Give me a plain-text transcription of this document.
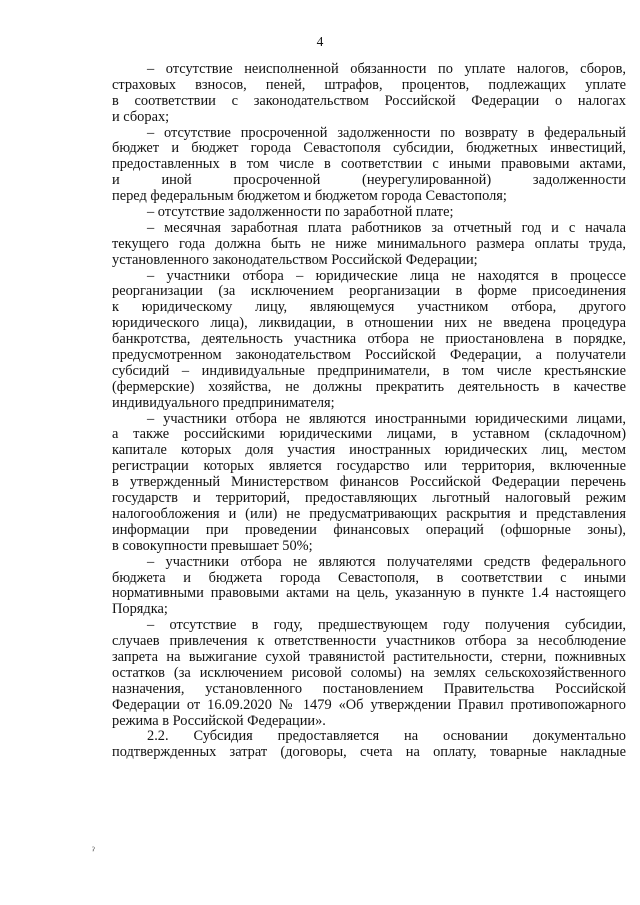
4
– отсутствие неисполненной обязанности по уплате налогов, сборов,
страховых взносов, пеней, штрафов, процентов, подлежащих уплате
в соответствии с законодательством Российской Федерации о налогах
и сборах;
– отсутствие просроченной задолженности по возврату в федеральный
бюджет и бюджет города Севастополя субсидии, бюджетных инвестиций,
предоставленных в том числе в соответствии с иными правовыми актами,
и иной просроченной (неурегулированной) задолженности
перед федеральным бюджетом и бюджетом города Севастополя;
– отсутствие задолженности по заработной плате;
– месячная заработная плата работников за отчетный год и с начала
текущего года должна быть не ниже минимального размера оплаты труда,
установленного законодательством Российской Федерации;
– участники отбора – юридические лица не находятся в процессе
реорганизации (за исключением реорганизации в форме присоединения
к юридическому лицу, являющемуся участником отбора, другого
юридического лица), ликвидации, в отношении них не введена процедура
банкротства, деятельность участника отбора не приостановлена в порядке,
предусмотренном законодательством Российской Федерации, а получатели
субсидий – индивидуальные предприниматели, в том числе крестьянские
(фермерские) хозяйства, не должны прекратить деятельность в качестве
индивидуального предпринимателя;
– участники отбора не являются иностранными юридическими лицами,
а также российскими юридическими лицами, в уставном (складочном)
капитале которых доля участия иностранных юридических лиц, местом
регистрации которых является государство или территория, включенные
в утвержденный Министерством финансов Российской Федерации перечень
государств и территорий, предоставляющих льготный налоговый режим
налогообложения и (или) не предусматривающих раскрытия и представления
информации при проведении финансовых операций (офшорные зоны),
в совокупности превышает 50%;
– участники отбора не являются получателями средств федерального
бюджета и бюджета города Севастополя, в соответствии с иными
нормативными правовыми актами на цель, указанную в пункте 1.4 настоящего
Порядка;
– отсутствие в году, предшествующем году получения субсидии,
случаев привлечения к ответственности участников отбора за несоблюдение
запрета на выжигание сухой травянистой растительности, стерни, пожнивных
остатков (за исключением рисовой соломы) на землях сельскохозяйственного
назначения, установленного постановлением Правительства Российской
Федерации от 16.09.2020 № 1479 «Об утверждении Правил противопожарного
режима в Российской Федерации».
2.2. Субсидия предоставляется на основании документально
подтвержденных затрат (договоры, счета на оплату, товарные накладные
ˀ
